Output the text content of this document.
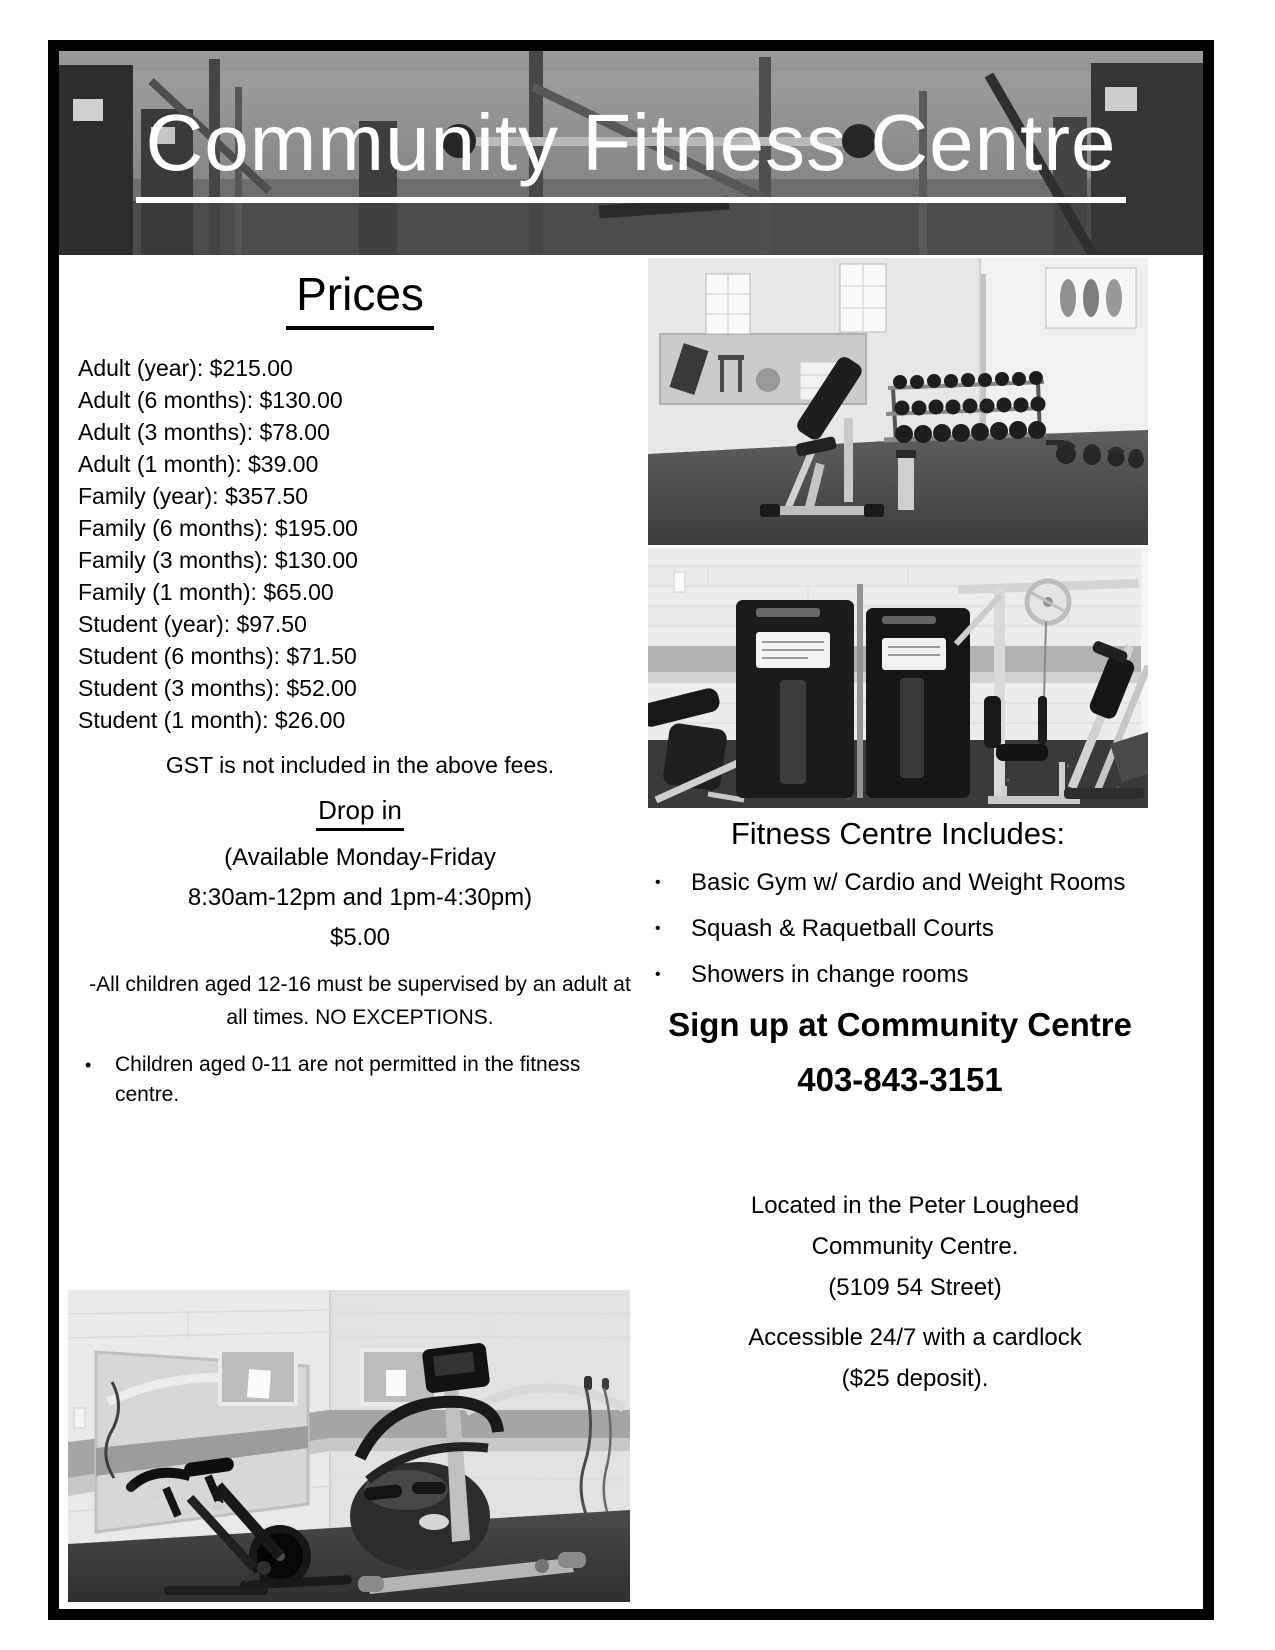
Community Fitness Centre
Prices
Adult (year): $215.00
Adult (6 months): $130.00
Adult (3 months): $78.00
Adult (1 month): $39.00
Family (year): $357.50
Family (6 months): $195.00
Family (3 months): $130.00
Family (1 month): $65.00
Student (year): $97.50
Student (6 months): $71.50
Student (3 months): $52.00
Student (1 month): $26.00
GST is not included in the above fees.
Drop in
(Available Monday-Friday
8:30am-12pm and 1pm-4:30pm)
$5.00
-All children aged 12-16 must be supervised by an adult at
all times. NO EXCEPTIONS.
•	Children aged 0-11 are not permitted in the fitness centre.
Fitness Centre Includes:
•	Basic Gym w/ Cardio and Weight Rooms
•	Squash & Raquetball Courts
•	Showers in change rooms
Sign up at Community Centre
403-843-3151
Located in the Peter Lougheed
Community Centre.
(5109 54 Street)
Accessible 24/7 with a cardlock
($25 deposit).
